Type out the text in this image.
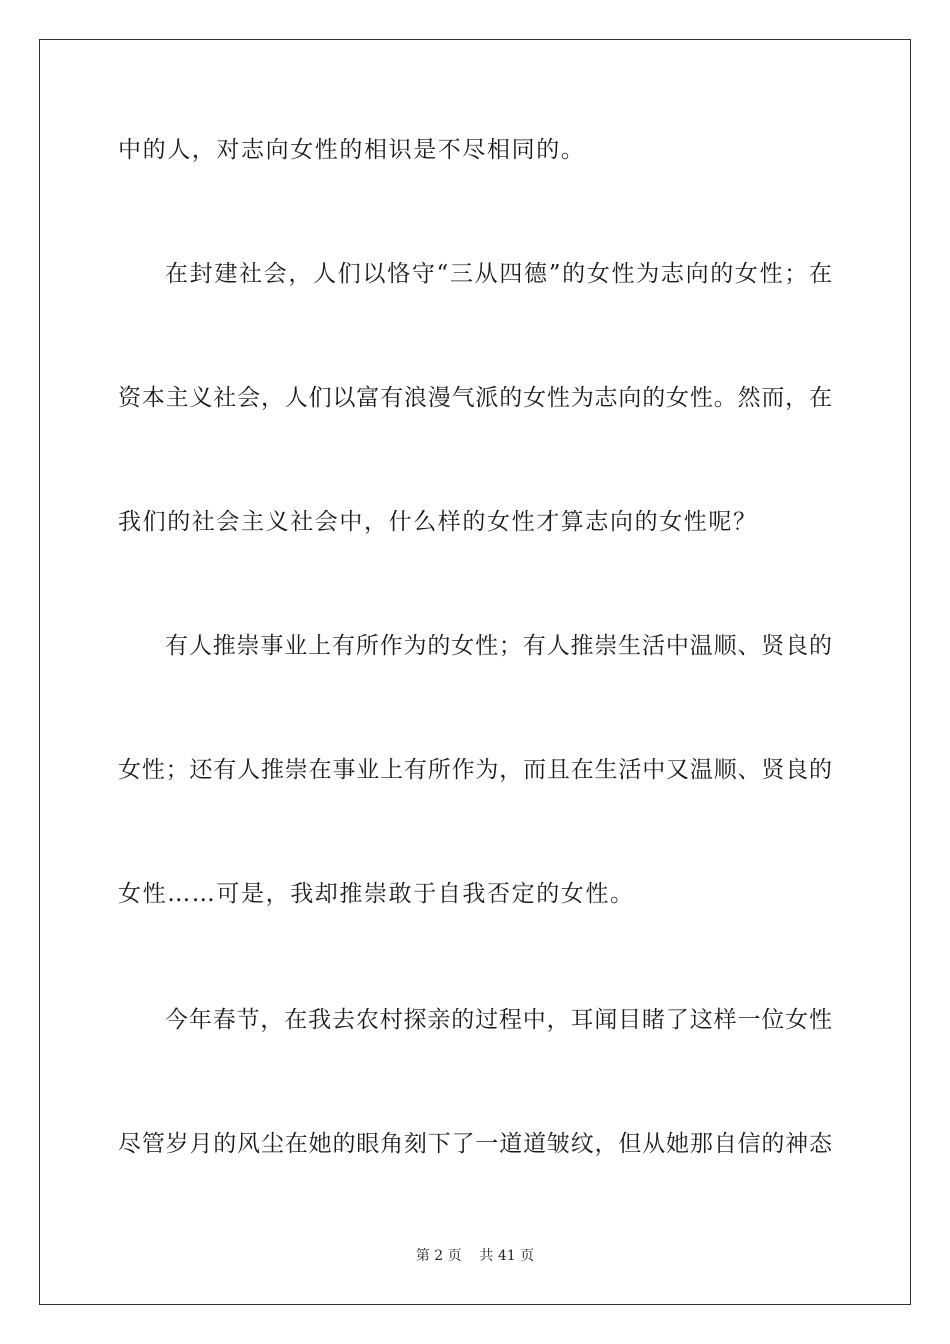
中的人，对志向女性的相识是不尽相同的。
在封建社会，人们以恪守“三从四德”的女性为志向的女性；在
资本主义社会，人们以富有浪漫气派的女性为志向的女性。然而，在
我们的社会主义社会中，什么样的女性才算志向的女性呢？
有人推崇事业上有所作为的女性；有人推崇生活中温顺、贤良的
女性；还有人推崇在事业上有所作为，而且在生活中又温顺、贤良的
女性……可是，我却推崇敢于自我否定的女性。
今年春节，在我去农村探亲的过程中，耳闻目睹了这样一位女性
尽管岁月的风尘在她的眼角刻下了一道道皱纹，但从她那自信的神态
第 2 页    共 41 页
